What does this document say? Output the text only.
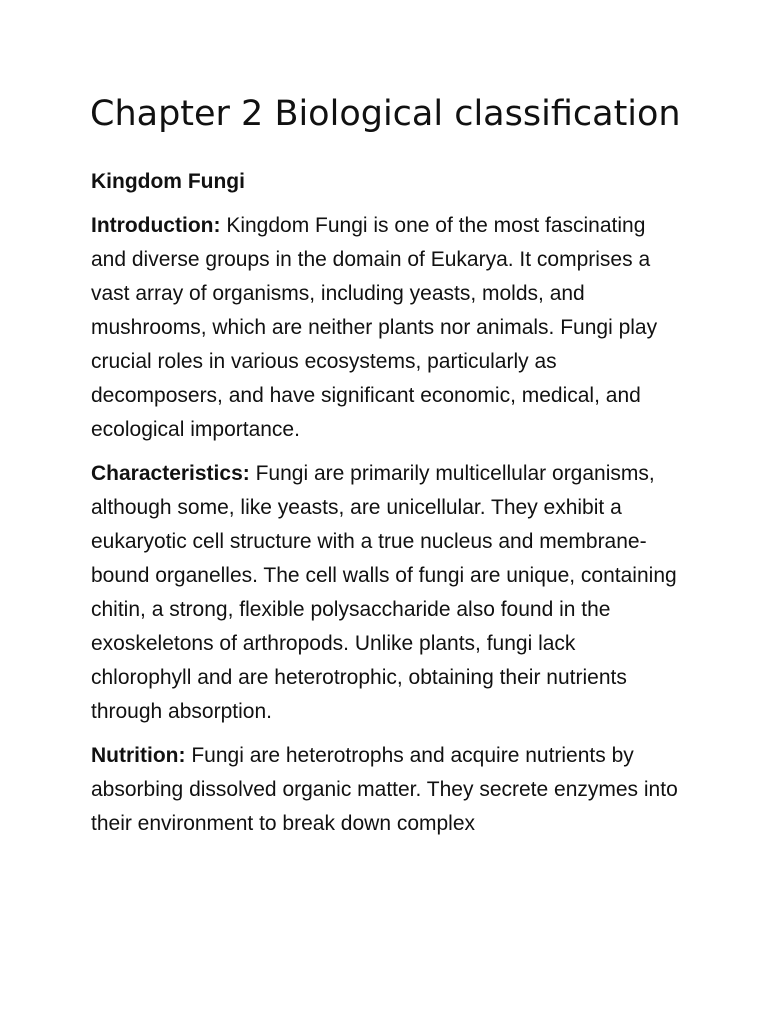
Chapter 2 Biological classification

Kingdom Fungi

Introduction: Kingdom Fungi is one of the most fascinating and diverse groups in the domain of Eukarya. It comprises a vast array of organisms, including yeasts, molds, and mushrooms, which are neither plants nor animals. Fungi play crucial roles in various ecosystems, particularly as decomposers, and have significant economic, medical, and ecological importance.

Characteristics: Fungi are primarily multicellular organisms, although some, like yeasts, are unicellular. They exhibit a eukaryotic cell structure with a true nucleus and membrane-bound organelles. The cell walls of fungi are unique, containing chitin, a strong, flexible polysaccharide also found in the exoskeletons of arthropods. Unlike plants, fungi lack chlorophyll and are heterotrophic, obtaining their nutrients through absorption.

Nutrition: Fungi are heterotrophs and acquire nutrients by absorbing dissolved organic matter. They secrete enzymes into their environment to break down complex
